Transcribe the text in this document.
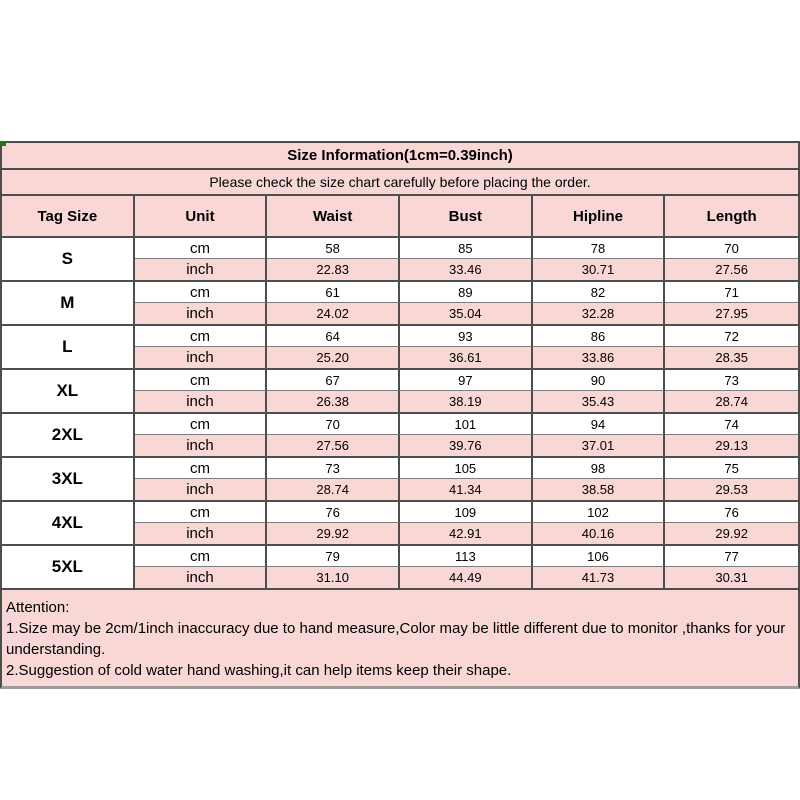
Size Information(1cm=0.39inch)
Please check the size chart carefully before placing the order.
Tag Size	Unit	Waist	Bust	Hipline	Length
S
cm	58	85	78	70
inch	22.83	33.46	30.71	27.56
M
cm	61	89	82	71
inch	24.02	35.04	32.28	27.95
L
cm	64	93	86	72
inch	25.20	36.61	33.86	28.35
XL
cm	67	97	90	73
inch	26.38	38.19	35.43	28.74
2XL
cm	70	101	94	74
inch	27.56	39.76	37.01	29.13
3XL
cm	73	105	98	75
inch	28.74	41.34	38.58	29.53
4XL
cm	76	109	102	76
inch	29.92	42.91	40.16	29.92
5XL
cm	79	113	106	77
inch	31.10	44.49	41.73	30.31
Attention:
1.Size may be 2cm/1inch inaccuracy due to hand measure,Color may be little different due to monitor ,thanks for your understanding.
2.Suggestion of cold water hand washing,it can help items keep their shape.
